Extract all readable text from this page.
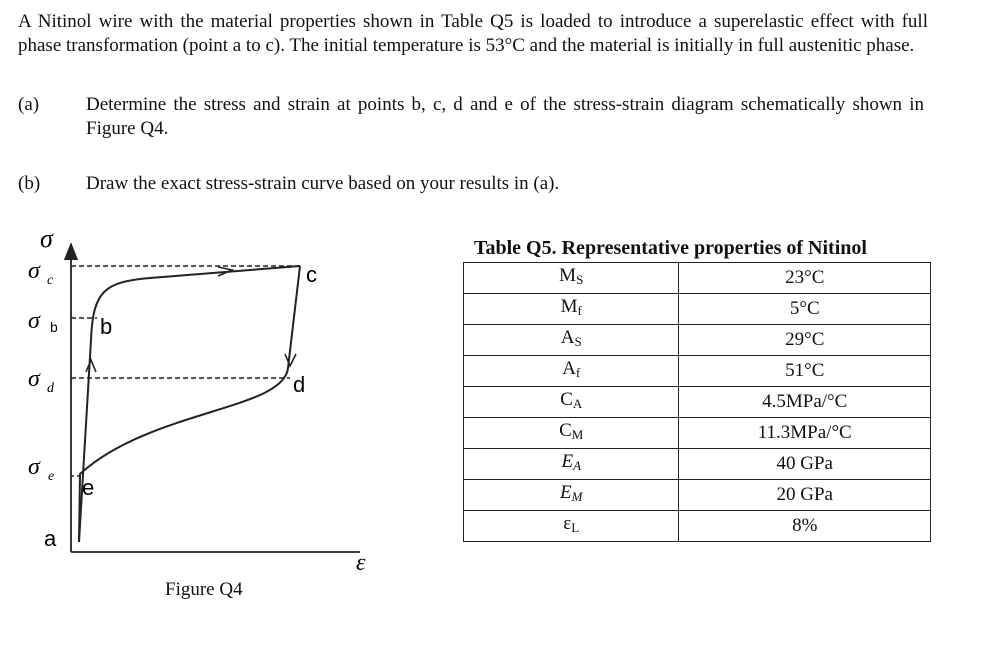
A Nitinol wire with the material properties shown in Table Q5 is loaded to introduce a superelastic effect with full phase transformation (point a to c). The initial temperature is 53°C and the material is initially in full austenitic phase.

(a) Determine the stress and strain at points b, c, d and e of the stress-strain diagram schematically shown in Figure Q4.
(b) Draw the exact stress-strain curve based on your results in (a).
σ
σ c
σ b
σ d
σ e
c
b
d
e
a
ε
Figure Q4
Table Q5. Representative properties of Nitinol
$M_S$	23°C
$M_f$	5°C
$A_S$	29°C
$A_f$	51°C
$C_A$	4.5MPa/°C
$C_M$	11.3MPa/°C
$E_A$	40 GPa
$E_M$	20 GPa
$\varepsilon_L$	8%
